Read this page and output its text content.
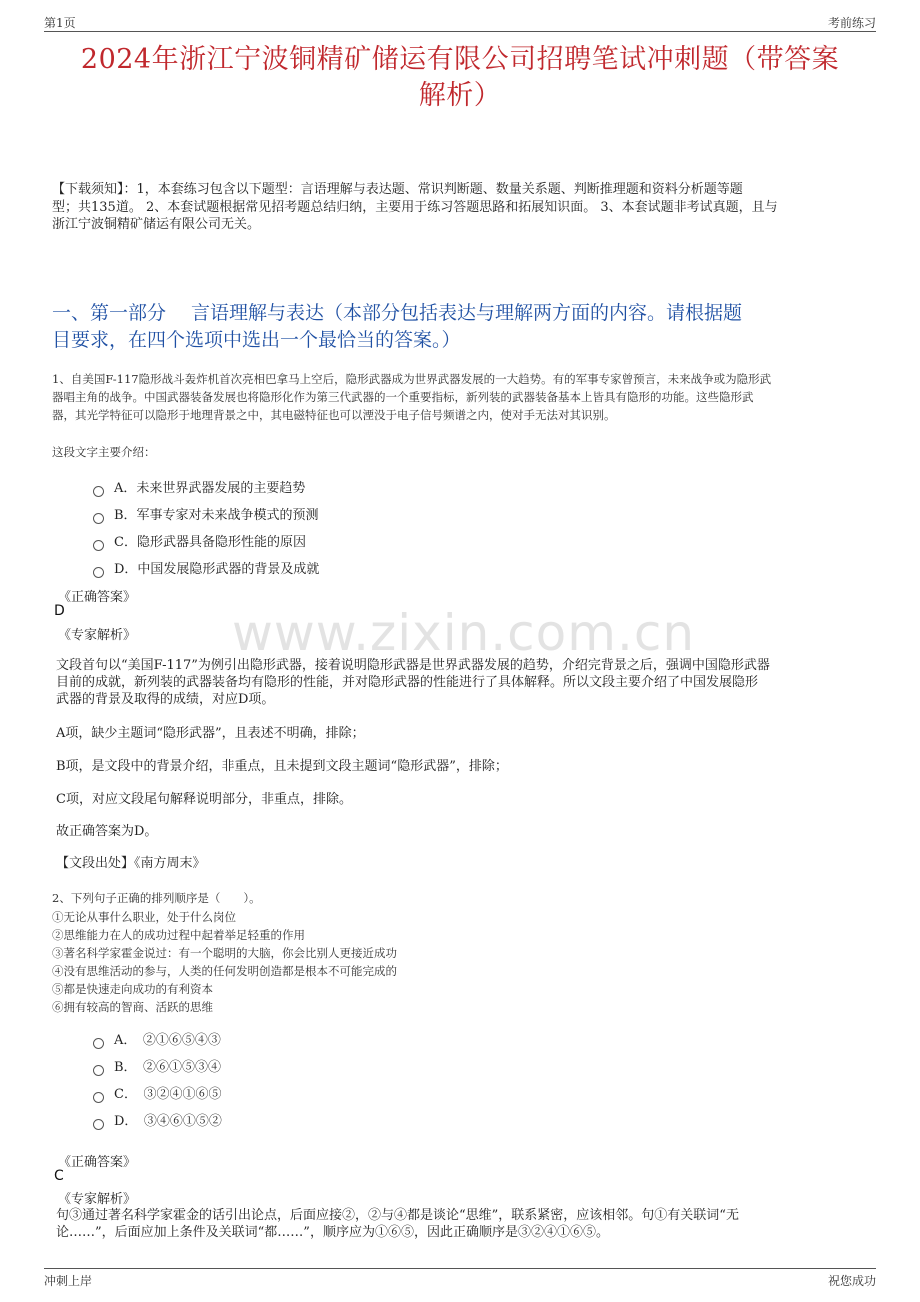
第1页	考前练习
2024年浙江宁波铜精矿储运有限公司招聘笔试冲刺题（带答案
解析）
【下载须知】：1，本套练习包含以下题型：言语理解与表达题、常识判断题、数量关系题、判断推理题和资料分析题等题
型；共135道。 2、本套试题根据常见招考题总结归纳，主要用于练习答题思路和拓展知识面。 3、本套试题非考试真题，且与
浙江宁波铜精矿储运有限公司无关。
一、第一部分　 言语理解与表达（本部分包括表达与理解两方面的内容。请根据题
目要求，在四个选项中选出一个最恰当的答案。）
1、自美国F-117隐形战斗轰炸机首次亮相巴拿马上空后，隐形武器成为世界武器发展的一大趋势。有的军事专家曾预言，未来战争或为隐形武
器唱主角的战争。中国武器装备发展也将隐形化作为第三代武器的一个重要指标，新列装的武器装备基本上皆具有隐形的功能。这些隐形武
器，其光学特征可以隐形于地理背景之中，其电磁特征也可以湮没于电子信号频谱之内，使对手无法对其识别。
这段文字主要介绍：
A．未来世界武器发展的主要趋势
B．军事专家对未来战争模式的预测
C．隐形武器具备隐形性能的原因
D．中国发展隐形武器的背景及成就
《正确答案》
D
《专家解析》 www.zixin.com.cn
文段首句以“美国F-117”为例引出隐形武器，接着说明隐形武器是世界武器发展的趋势，介绍完背景之后，强调中国隐形武器
目前的成就，新列装的武器装备均有隐形的性能，并对隐形武器的性能进行了具体解释。所以文段主要介绍了中国发展隐形
武器的背景及取得的成绩，对应D项。
A项，缺少主题词“隐形武器”，且表述不明确，排除；
B项，是文段中的背景介绍，非重点，且未提到文段主题词“隐形武器”，排除；
C项，对应文段尾句解释说明部分，非重点，排除。
故正确答案为D。
【文段出处】《南方周末》
2、下列句子正确的排列顺序是（　　）。
①无论从事什么职业，处于什么岗位
②思维能力在人的成功过程中起着举足轻重的作用
③著名科学家霍金说过：有一个聪明的大脑，你会比别人更接近成功
④没有思维活动的参与，人类的任何发明创造都是根本不可能完成的
⑤都是快速走向成功的有利资本
⑥拥有较高的智商、活跃的思维
A．　②①⑥⑤④③
B．　②⑥①⑤③④
C．　③②④①⑥⑤
D．　③④⑥①⑤②
《正确答案》
C
《专家解析》
句③通过著名科学家霍金的话引出论点，后面应接②，②与④都是谈论“思维”，联系紧密，应该相邻。句①有关联词“无
论……”，后面应加上条件及关联词“都……”，顺序应为①⑥⑤，因此正确顺序是③②④①⑥⑤。
冲刺上岸	祝您成功
